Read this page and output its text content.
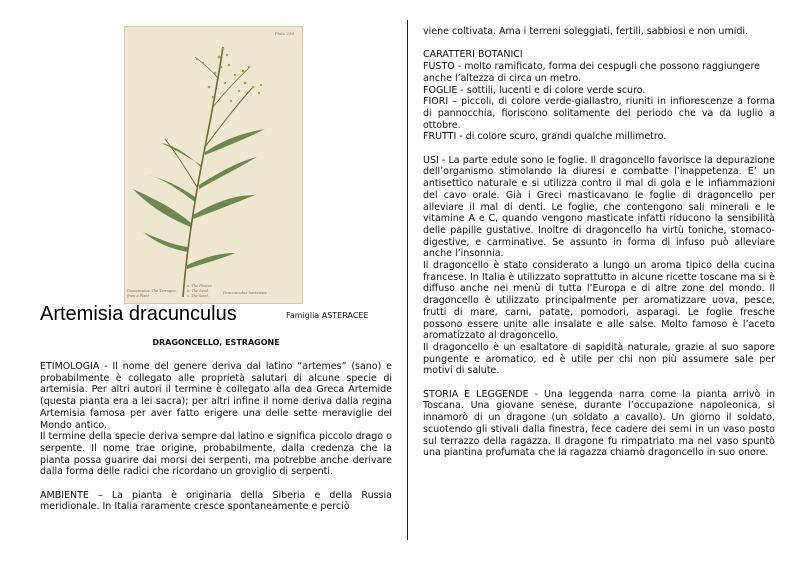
Plate 218
Dracunculus. The Tarragon, from a Plant
a. The Flower.
b. The Seed.
c. The Seed.
Dracunculus hortensis.
Artemisia dracunculus	Famiglia ASTERACEE
DRAGONCELLO, ESTRAGONE

ETIMOLOGIA - Il nome del genere deriva dal latino “artemes” (sano) e probabilmente è collegato alle proprietà salutari di alcune specie di artemisia. Per altri autori il termine è collegato alla dea Greca Artemide (questa pianta era a lei sacra); per altri infine il nome deriva dalla regina Artemisia famosa per aver fatto erigere una delle sette meraviglie del Mondo antico.

Il termine della specie deriva sempre dal latino e significa piccolo drago o serpente. Il nome trae origine, probabilmente, dalla credenza che la pianta possa guarire dai morsi dei serpenti, ma potrebbe anche derivare dalla forma delle radici che ricordano un groviglio di serpenti.

AMBIENTE – La pianta è originaria della Siberia e della Russia meridionale. In Italia raramente cresce spontaneamente e perciò

viene coltivata. Ama i terreni soleggiati, fertili, sabbiosi e non umidi.

CARATTERI BOTANICI

FUSTO - molto ramificato, forma dei cespugli che possono raggiungere anche l’altezza di circa un metro.

FOGLIE - sottili, lucenti e di colore verde scuro.

FIORI – piccoli, di colore verde-giallastro, riuniti in infiorescenze a forma di pannocchia, fioriscono solitamente del periodo che va da luglio a ottobre.

FRUTTI - di colore scuro, grandi qualche millimetro.

USI - La parte edule sono le foglie. Il dragoncello favorisce la depurazione dell’organismo stimolando la diuresi e combatte l’inappetenza. E’ un antisettico naturale e si utilizza contro il mal di gola e le infiammazioni del cavo orale. Già i Greci masticavano le foglie di dragoncello per alleviare il mal di denti. Le foglie, che contengono sali minerali e le vitamine A e C, quando vengono masticate infatti riducono la sensibilità delle papille gustative. Inoltre di dragoncello ha virtù toniche, stomaco-digestive, e carminative. Se assunto in forma di infuso può alleviare anche l’insonnia.

Il dragoncello è stato considerato a lungo un aroma tipico della cucina francese. In Italia è utilizzato soprattutto in alcune ricette toscane ma si è diffuso anche nei menù di tutta l’Europa e di altre zone del mondo. Il dragoncello è utilizzato principalmente per aromatizzare uova, pesce, frutti di mare, carni, patate, pomodori, asparagi. Le foglie fresche possono essere unite alle insalate e alle salse. Molto famoso è l’aceto aromatizzato al dragoncello.

Il dragoncello è un esaltatore di sapidità naturale, grazie al suo sapore pungente e aromatico, ed è utile per chi non più assumere sale per motivi di salute.

STORIA E LEGGENDE - Una leggenda narra come la pianta arrivò in Toscana. Una giovane senese, durante l’occupazione napoleonica, si innamorò di un dragone (un soldato a cavallo). Un giorno il soldato, scuotendo gli stivali dalla finestra, fece cadere dei semi in un vaso posto sul terrazzo della ragazza. Il dragone fu rimpatriato ma nel vaso spuntò una piantina profumata che la ragazza chiamò dragoncello in suo onore.
